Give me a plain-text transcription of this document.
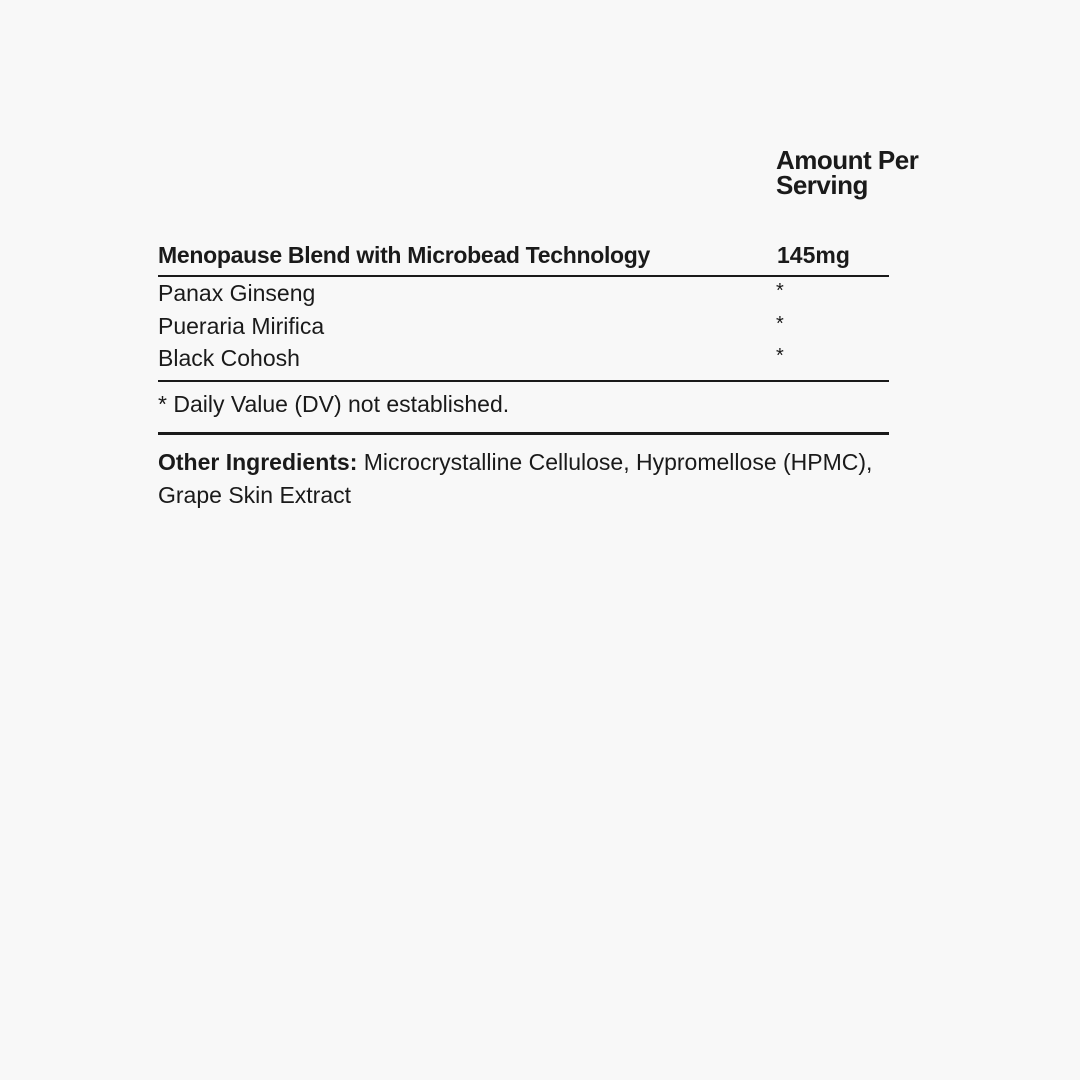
Amount Per Serving
Menopause Blend with Microbead Technology	145mg
Panax Ginseng	*
Pueraria Mirifica	*
Black Cohosh	*
* Daily Value (DV) not established.
Other Ingredients: Microcrystalline Cellulose, Hypromellose (HPMC), Grape Skin Extract
